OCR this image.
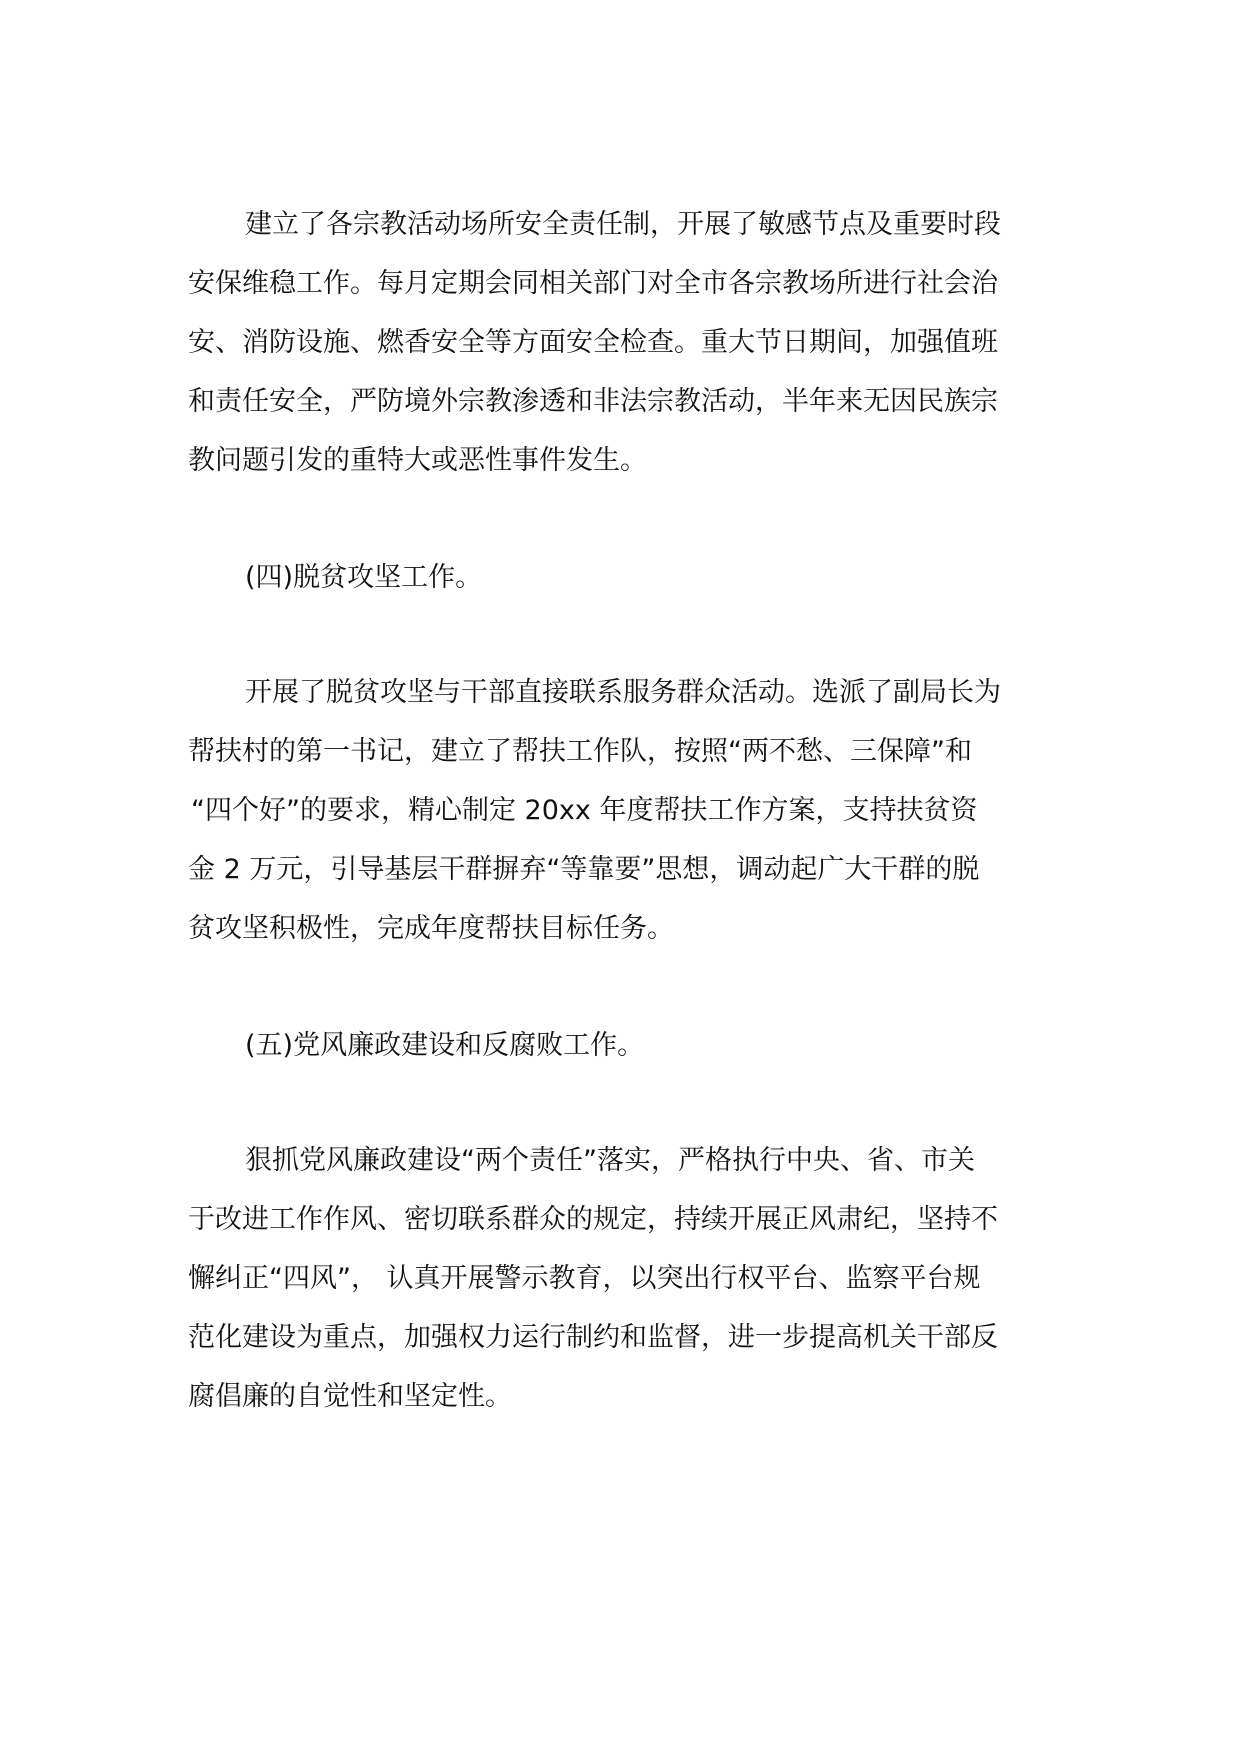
建立了各宗教活动场所安全责任制，开展了敏感节点及重要时段

安保维稳工作。每月定期会同相关部门对全市各宗教场所进行社会治

安、消防设施、燃香安全等方面安全检查。重大节日期间，加强值班

和责任安全，严防境外宗教渗透和非法宗教活动，半年来无因民族宗

教问题引发的重特大或恶性事件发生。

(四)脱贫攻坚工作。

开展了脱贫攻坚与干部直接联系服务群众活动。选派了副局长为

帮扶村的第一书记，建立了帮扶工作队，按照“两不愁、三保障”和

“四个好”的要求，精心制定 20xx 年度帮扶工作方案，支持扶贫资

金 2 万元，引导基层干群摒弃“等靠要”思想，调动起广大干群的脱

贫攻坚积极性，完成年度帮扶目标任务。

(五)党风廉政建设和反腐败工作。

狠抓党风廉政建设“两个责任”落实，严格执行中央、省、市关

于改进工作作风、密切联系群众的规定，持续开展正风肃纪，坚持不

懈纠正“四风”， 认真开展警示教育，以突出行权平台、监察平台规

范化建设为重点，加强权力运行制约和监督，进一步提高机关干部反

腐倡廉的自觉性和坚定性。
